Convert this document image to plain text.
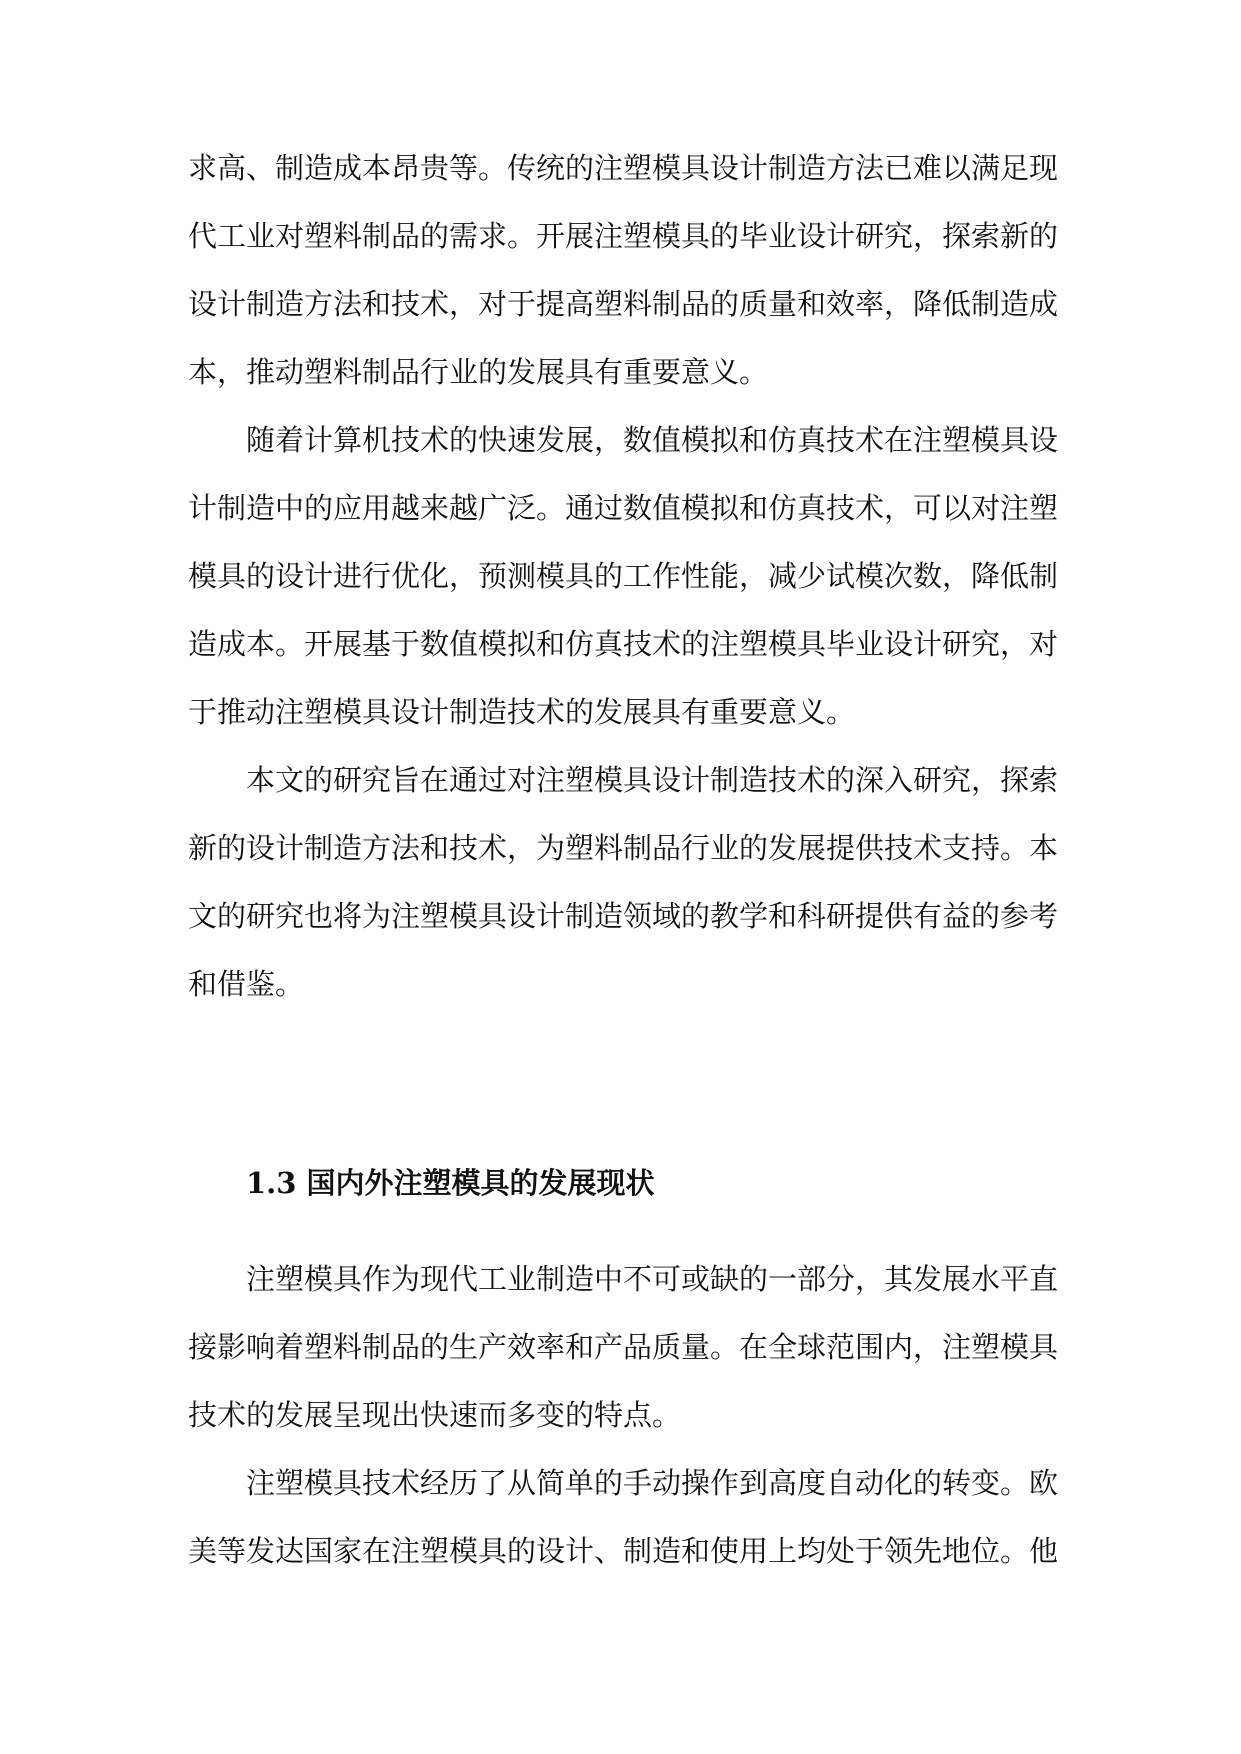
求高、制造成本昂贵等。传统的注塑模具设计制造方法已难以满足现代工业对塑料制品的需求。开展注塑模具的毕业设计研究，探索新的设计制造方法和技术，对于提高塑料制品的质量和效率，降低制造成本，推动塑料制品行业的发展具有重要意义。

随着计算机技术的快速发展，数值模拟和仿真技术在注塑模具设计制造中的应用越来越广泛。通过数值模拟和仿真技术，可以对注塑模具的设计进行优化，预测模具的工作性能，减少试模次数，降低制造成本。开展基于数值模拟和仿真技术的注塑模具毕业设计研究，对于推动注塑模具设计制造技术的发展具有重要意义。

本文的研究旨在通过对注塑模具设计制造技术的深入研究，探索新的设计制造方法和技术，为塑料制品行业的发展提供技术支持。本文的研究也将为注塑模具设计制造领域的教学和科研提供有益的参考和借鉴。

1.3 国内外注塑模具的发展现状

注塑模具作为现代工业制造中不可或缺的一部分，其发展水平直接影响着塑料制品的生产效率和产品质量。在全球范围内，注塑模具技术的发展呈现出快速而多变的特点。

注塑模具技术经历了从简单的手动操作到高度自动化的转变。欧美等发达国家在注塑模具的设计、制造和使用上均处于领先地位。他
